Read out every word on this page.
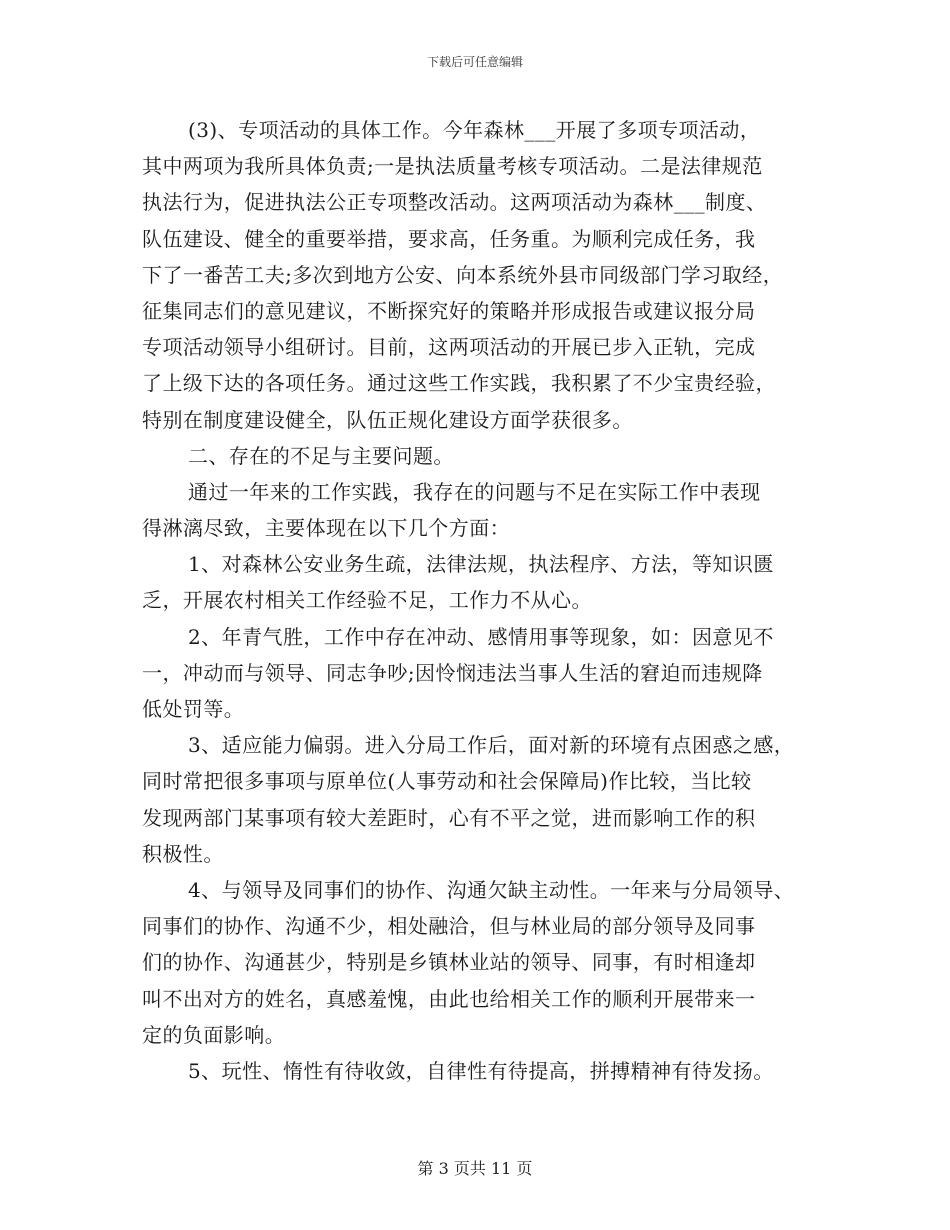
下载后可任意编辑
(3)、专项活动的具体工作。今年森林___开展了多项专项活动，
其中两项为我所具体负责;一是执法质量考核专项活动。二是法律规范
执法行为，促进执法公正专项整改活动。这两项活动为森林___制度、
队伍建设、健全的重要举措，要求高，任务重。为顺利完成任务，我
下了一番苦工夫;多次到地方公安、向本系统外县市同级部门学习取经，
征集同志们的意见建议，不断探究好的策略并形成报告或建议报分局
专项活动领导小组研讨。目前，这两项活动的开展已步入正轨，完成
了上级下达的各项任务。通过这些工作实践，我积累了不少宝贵经验，
特别在制度建设健全，队伍正规化建设方面学获很多。
二、存在的不足与主要问题。
通过一年来的工作实践，我存在的问题与不足在实际工作中表现
得淋漓尽致，主要体现在以下几个方面：
1、对森林公安业务生疏，法律法规，执法程序、方法，等知识匮
乏，开展农村相关工作经验不足，工作力不从心。
2、年青气胜，工作中存在冲动、感情用事等现象，如：因意见不
一，冲动而与领导、同志争吵;因怜悯违法当事人生活的窘迫而违规降
低处罚等。
3、适应能力偏弱。进入分局工作后，面对新的环境有点困惑之感，
同时常把很多事项与原单位(人事劳动和社会保障局)作比较，当比较
发现两部门某事项有较大差距时，心有不平之觉，进而影响工作的积
积极性。
4、与领导及同事们的协作、沟通欠缺主动性。一年来与分局领导、
同事们的协作、沟通不少，相处融洽，但与林业局的部分领导及同事
们的协作、沟通甚少，特别是乡镇林业站的领导、同事，有时相逢却
叫不出对方的姓名，真感羞愧，由此也给相关工作的顺利开展带来一
定的负面影响。
5、玩性、惰性有待收敛，自律性有待提高，拼搏精神有待发扬。
第 3 页共 11 页
